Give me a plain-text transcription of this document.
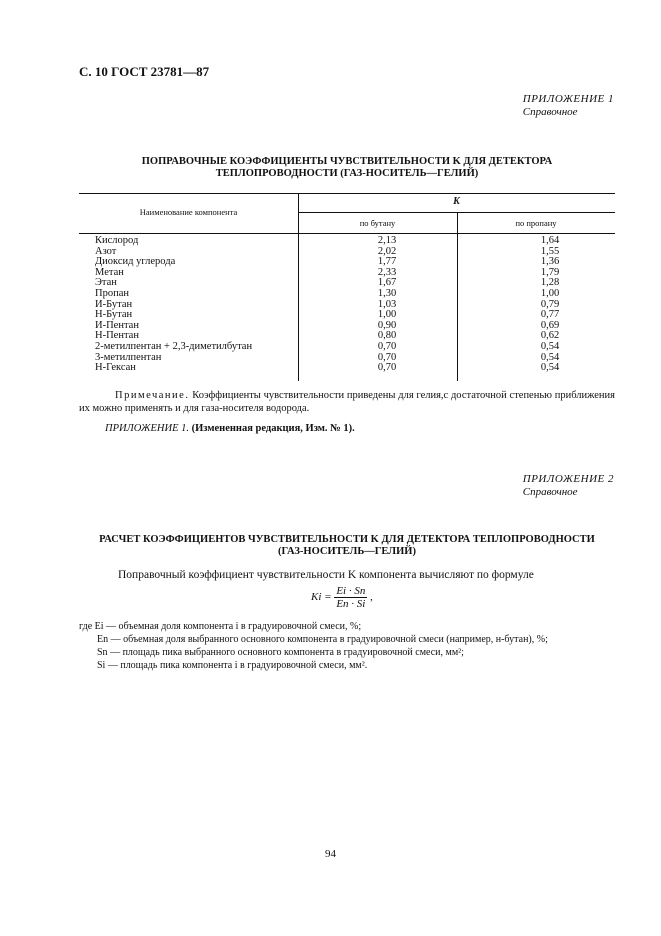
С. 10 ГОСТ 23781—87
ПРИЛОЖЕНИЕ 1
Справочное
ПОПРАВОЧНЫЕ КОЭФФИЦИЕНТЫ ЧУВСТВИТЕЛЬНОСТИ K ДЛЯ ДЕТЕКТОРА
ТЕПЛОПРОВОДНОСТИ (ГАЗ-НОСИТЕЛЬ—ГЕЛИЙ)
Наименование компонента
K
по бутану	по пропану
Кислород
Азот
Диоксид углерода
Метан
Этан
Пропан
И-Бутан
Н-Бутан
И-Пентан
Н-Пентан
2-метилпентан + 2,3-диметилбутан
3-метилпентан
Н-Гексан
2,13
2,02
1,77
2,33
1,67
1,30
1,03
1,00
0,90
0,80
0,70
0,70
0,70
1,64
1,55
1,36
1,79
1,28
1,00
0,79
0,77
0,69
0,62
0,54
0,54
0,54
Примечание. Коэффициенты чувствительности приведены для гелия,с достаточной степенью приближения их можно применять и для газа-носителя водорода.
ПРИЛОЖЕНИЕ 1. (Измененная редакция, Изм. № 1).
ПРИЛОЖЕНИЕ 2
Справочное
РАСЧЕТ КОЭФФИЦИЕНТОВ ЧУВСТВИТЕЛЬНОСТИ K ДЛЯ ДЕТЕКТОРА ТЕПЛОПРОВОДНОСТИ
(ГАЗ-НОСИТЕЛЬ—ГЕЛИЙ)
Поправочный коэффициент чувствительности K компонента вычисляют по формуле
$Ki = \frac{Ei \cdot Sn}{En \cdot Si}$ ,
где Ei — объемная доля компонента i в градуировочной смеси, %;
En — объемная доля выбранного основного компонента в градуировочной смеси (например, н-бутан), %;
Sn — площадь пика выбранного основного компонента в градуировочной смеси, мм²;
Si — площадь пика компонента i в градуировочной смеси, мм².
94
